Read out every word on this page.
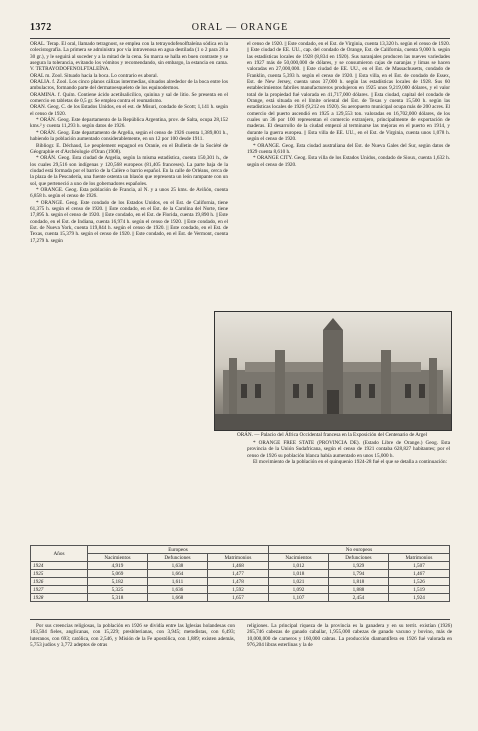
1372	ORAL — ORANGE

ORAL. Terap. El oral, llamado tetragnost, se emplea con la tetrayodofenolftaleína sódica en la colecistografía. La primera se administra por vía intravenosa en agua destilada (1 o 2 para 20 a 30 gr.), y le seguirá al suceder y a la mitad de la cena. Su marca se halla en buen contraste y se asegura la tolerancia, evitando los vómitos y recomendando, sin embargo, la estancia en cama. V. TETRAYODOFENOLFTALEÍNA.

ORAL m. Zool. Situado hacia la boca. Lo contrario es aboral.

ORALIA. f. Zool. Los cinco planos cálizas intermedias, situados alrededor de la boca entre los ambulacros, formando parte del dermatoesqueleto de los equinodermos.

ORAMINA. f. Quím. Contiene ácido acetilsalicílico, quinina y sal de litio. Se presenta en el comercio en tabletas de 0,5 gr. Se emplea contra el reumatismo.

ORAN. Geog. C. de los Estados Unidos, en el est. de Misuri, condado de Scott; 1,141 h. según el censo de 1920.

* ORÁN. Geog. Este departamento de la República Argentina, prov. de Salta, ocupa 28,152 kms.² y cuenta 11,293 h. según datos de 1926.

* ORÁN. Geog. Este departamento de Argelia, según el censo de 1926 cuenta 1,389,801 h., habiendo la población aumentado considerablemente, en un 12 por 100 desde 1911.

Bibliogr. E. Déchaud, Le peuplement espagnol en Oranie, en el Bulletin de la Société de Géographie et d'Archéologie d'Oran (1908).

* ORÁN. Geog. Esta ciudad de Argelia, según la misma estadística, cuenta 150,301 h., de los cuales 29,516 son indígenas y 120,568 europeos (81,405 franceses). La parte baja de la ciudad está formada por el barrio de la Calère o barrio español. En la calle de Orléans, cerca de la plaza de la Pescadería, una fuente ostenta un blasón que representa un león rampante con un sol, que perteneció a uno de los gobernadores españoles.

* ORANGE. Geog. Esta población de Francia, al N. y a unos 25 kms. de Aviñón, cuenta 6,858 h. según el censo de 1926.

* ORANGE. Geog. Este condado de los Estados Unidos, en el Est. de California, tiene 61,375 h. según el censo de 1920. || Este condado, en el Est. de la Carolina del Norte, tiene 17,895 h. según el censo de 1920. || Este condado, en el Est. de Florida, cuenta 19,890 h. || Este condado, en el Est. de Indiana, cuenta 16,974 h. según el censo de 1920. || Este condado, en el Est. de Nueva York, cuenta 119,844 h. según el censo de 1920. || Este condado, en el Est. de Texas, cuenta 15,379 h. según el censo de 1920. || Este condado, en el Est. de Vermont, cuenta 17,279 h. según

el censo de 1920. || Este condado, en el Est. de Virginia, cuenta 13,320 h. según el censo de 1920. || Este ciudad de EE. UU., cap. del condado de Orange, Est. de California, cuenta 9,000 h. según las estadísticas locales de 1928 (8,834 en 1920). Sus naranjales producen las nueves variedades en 1927 más de 50,000,000 de dólares, y se consumieron cajas de naranjas y limas se hacen valoradas en 27,000,000. || Este ciudad de EE. UU., en el Est. de Massachusetts, condado de Franklin, cuenta 5,393 h. según el censo de 1920. || Esta villa, en el Est. de condado de Essex, Est. de New Jersey, cuenta unos 37,000 h. según las estadísticas locales de 1928. Sus 60 establecimientos fabriles manufactureros produjeron en 1925 unos 9,219,000 dólares, y el valor total de la propiedad fué valorada en 41,717,000 dólares. || Esta ciudad, capital del condado de Orange, está situada en el límite oriental del Est. de Texas y cuenta 15,500 h. según las estadísticas locales de 1926 (9,212 en 1920). Su aeropuerto municipal ocupa más de 200 acres. El comercio del puerto ascendió en 1925 a 129,553 ton. valoradas en 16,702,000 dólares, de los cuales un 36 por 100 representan el comercio extranjero, principalmente de exportación de maderas. El desarrollo de la ciudad empezó al terminarse las mejoras en el puerto en 1914, y durante la guerra europea. || Esta villa de EE. UU., en el Est. de Virginia, cuenta unos 1,078 h. según el censo de 1920.

* ORANGE. Geog. Esta ciudad australiana del Est. de Nueva Gales del Sur, según datos de 1929 cuenta 8,610 h.

* ORANGE CITY. Geog. Esta villa de los Estados Unidos, condado de Sioux, cuenta 1,632 h. según el censo de 1920.

ORÁN. — Palacio del África Occidental francesa en la Exposición del Centenario de Argel

* ORANGE FREE STATE (PROVINCIA DE). (Estado Libre de Orange.) Geog. Esta provincia de la Unión Sudafricana, según el censo de 1921 contaba 628,827 habitantes; por el censo de 1926 su población blanca había aumentado en unos 15,000 h.

El movimiento de la población en el quinquenio 1924-28 fué el que se detalla a continuación:

Años	Europeos			No europeos		
	Nacimientos	Defunciones	Matrimonios	Nacimientos	Defunciones	Matrimonios
1924	4,919	1,638	1,468	1,012	1,929	1,507
1925	5,069	1,664	1,477	1,018	1,794	1,467
1926	5,182	1,611	1,478	1,021	1,818	1,526
1927	5,325	1,636	1,592	1,092	1,888	1,519
1928	5,318	1,668	1,657	1,107	2,454	1,924

Por sus creencias religiosas, la población en 1926 se dividía entre las Iglesias holandesas con 163,504 fieles, anglicanas, con 15,229; presbiterianas, con 3,945; metodistas, con 6,493; luteranos, con 693; católica, con 2,546, y Misión de la Fe apostólica, con 1,889; existen además, 5,753 judíos y 3,772 adeptos de otras

religiones. La principal riqueza de la provincia es la ganadera y en su territ. existían (1926) 265,746 cabezas de ganado caballar, 1,955,000 cabezas de ganado vacuno y bovino, más de 10,000,000 de carneros y 160,000 cabras. La producción diamantífera en 1926 fué valorada en 976,204 libras esterlinas y la de
